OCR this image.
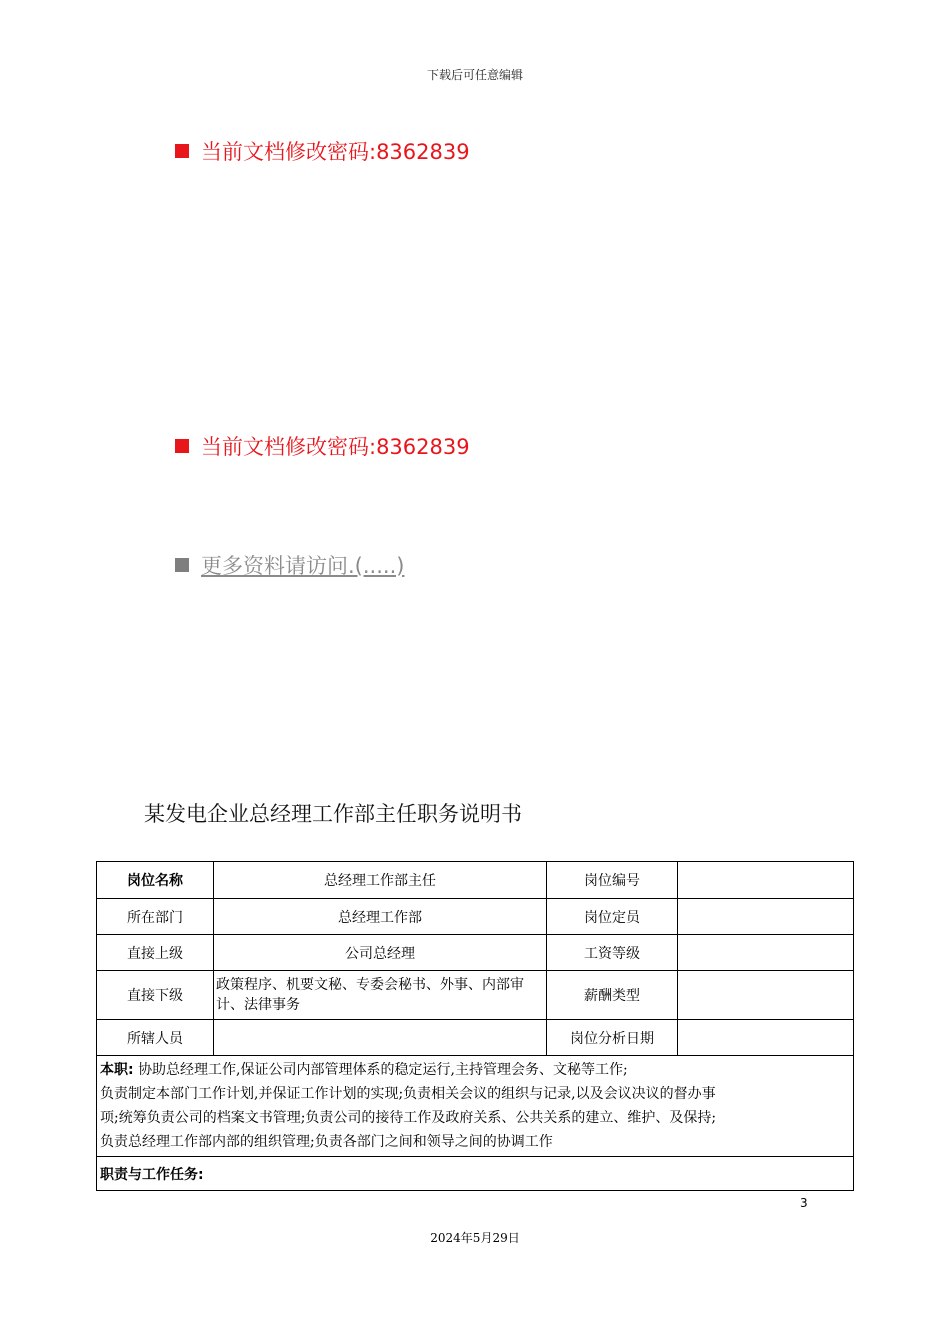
下载后可任意编辑
当前文档修改密码:8362839
当前文档修改密码:8362839
更多资料请访问.(.....)
某发电企业总经理工作部主任职务说明书
岗位名称	总经理工作部主任	岗位编号	
所在部门	总经理工作部	岗位定员	
直接上级	公司总经理	工资等级	
直接下级	政策程序、机要文秘、专委会秘书、外事、内部审计、法律事务	薪酬类型	
所辖人员		岗位分析日期	

本职: 协助总经理工作,保证公司内部管理体系的稳定运行,主持管理会务、文秘等工作;
负责制定本部门工作计划,并保证工作计划的实现;负责相关会议的组织与记录,以及会议决议的督办事
项;统筹负责公司的档案文书管理;负责公司的接待工作及政府关系、公共关系的建立、维护、及保持;
负责总经理工作部内部的组织管理;负责各部门之间和领导之间的协调工作			

职责与工作任务:			
3
2024年5月29日
